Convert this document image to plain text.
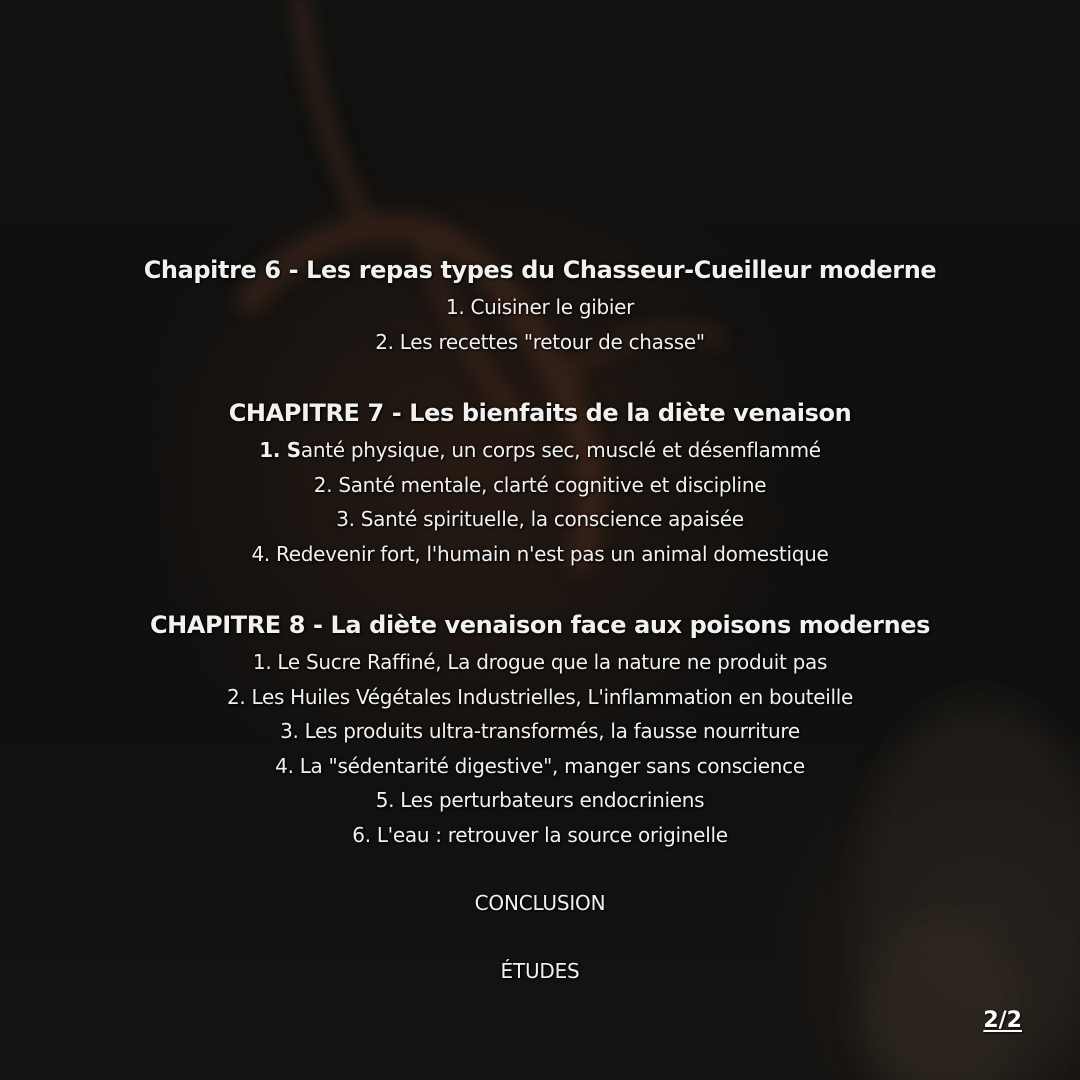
Chapitre 6 - Les repas types du Chasseur-Cueilleur moderne

1. Cuisiner le gibier

2. Les recettes "retour de chasse"

CHAPITRE 7 - Les bienfaits de la diète venaison

1. Santé physique, un corps sec, musclé et désenflammé

2. Santé mentale, clarté cognitive et discipline

3. Santé spirituelle, la conscience apaisée

4. Redevenir fort, l'humain n'est pas un animal domestique

CHAPITRE 8 - La diète venaison face aux poisons modernes

1. Le Sucre Raffiné, La drogue que la nature ne produit pas

2. Les Huiles Végétales Industrielles, L'inflammation en bouteille

3. Les produits ultra-transformés, la fausse nourriture

4. La "sédentarité digestive", manger sans conscience

5. Les perturbateurs endocriniens

6. L'eau : retrouver la source originelle

CONCLUSION

ÉTUDES

2/2
